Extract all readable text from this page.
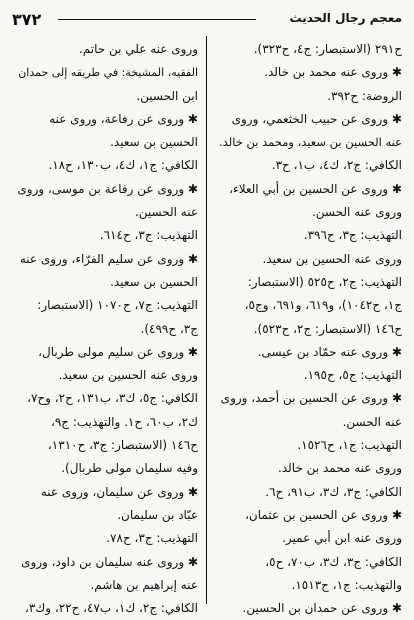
٣٧٢	معجم رجال الحديث
ح٢٩١ (الاستبصار: ج٤، ح٣٢٣).
✱ وروى عنه محمد بن خالد.
الروضة: ح٣٩٢.
✱ وروى عن حبيب الخثعمي، وروى
عنه الحسين بن سعيد، ومحمد بن خالد.
الكافي: ج٢، ك٤، ب١، ح٣.
✱ وروى عن الحسين بن أبي العلاء،
وروى عنه الحسن.
التهذيب: ج٣، ح٣٩٦.
وروى عنه الحسين بن سعيد.
التهذيب: ج٢، ح٥٢٥ (الاستبصار:
ج١، ح١٠٤٢)، و٦١٩، و٦٩١، وج٥،
ح١٤٦ (الاستبصار: ج٢، ح٥٢٣).
✱ وروى عنه حمّاد بن عيسى.
التهذيب: ج٥، ح١٩٥.
✱ وروى عن الحسين بن أحمد، وروى
عنه الحسن.
التهذيب: ج١، ح١٥٢٦.
وروى عنه محمد بن خالد.
الكافي: ج٣، ك٣، ب٩١، ح٦.
✱ وروى عن الحسين بن عثمان،
وروى عنه ابن أبي عمير.
الكافي: ج٣، ك٣، ب٧٠، ح٥،
والتهذيب: ج١، ح١٥١٣.
✱ وروى عن حمدان بن الحسين.
وروى عنه علي بن حاتم.
الفقيه، المشيخة: في طريقه إلى حمدان
ابن الحسين.
✱ وروى عن رفاعة، وروى عنه
الحسين بن سعيد.
الكافي: ج١، ك٤، ب١٣٠، ح١٨.
✱ وروى عن رفاعة بن موسى، وروى
عنه الحسين.
التهذيب: ج٣، ح٦١٤.
✱ وروى عن سليم الفرّاء، وروى عنه
الحسين بن سعيد.
التهذيب: ج٧، ح١٠٧٠ (الاستبصار:
ج٣، ح٤٩٩).
✱ وروى عن سليم مولى طربال،
وروى عنه الحسين بن سعيد.
الكافي: ج٥، ك٣، ب١٣١، ح٢، وح٧،
ك٢، ب٦٠، ح١. والتهذيب: ج٩،
ح١٤٦ (الاستبصار: ج٣، ح١٣١٠،
وفيه سليمان مولى طربال).
✱ وروى عن سليمان، وروى عنه
عبّاد بن سليمان.
التهذيب: ج٣، ح٧٨.
✱ وروى عنه سليمان بن داود، وروى
عنه إبراهيم بن هاشم.
الكافي: ج٢، ك١، ب٤٧، ح٢٢، وك٣،
